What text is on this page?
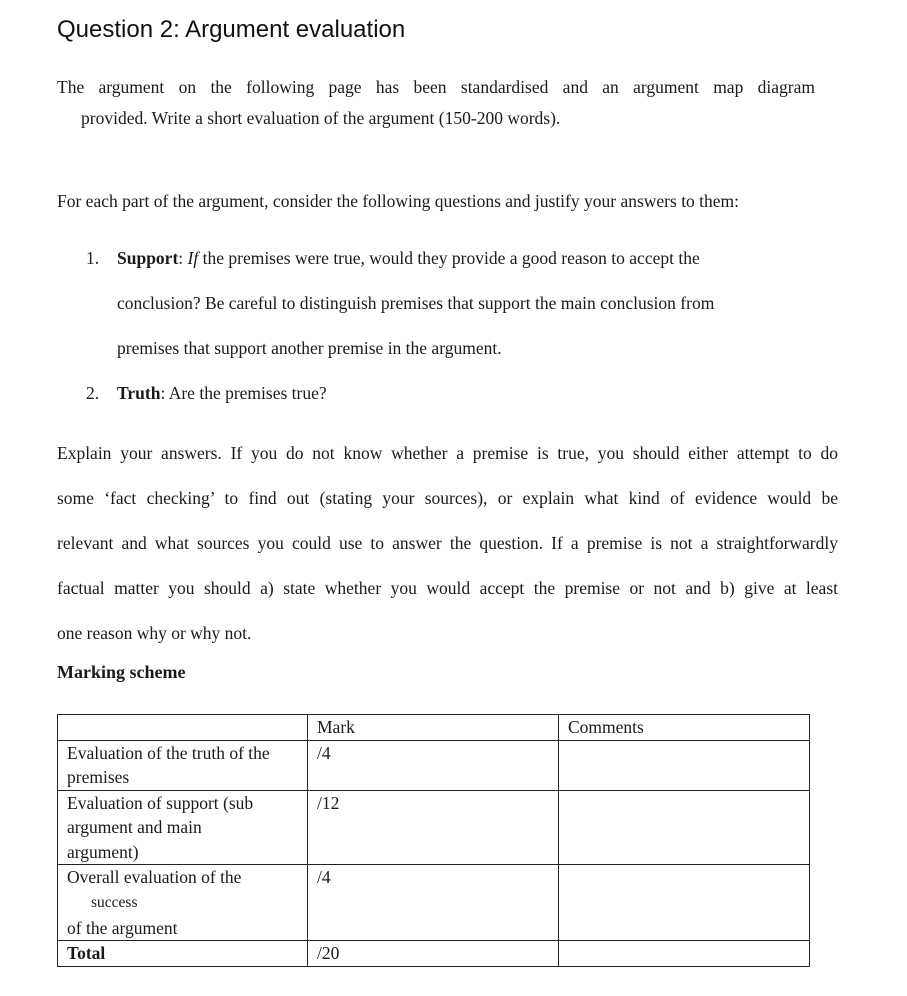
Question 2: Argument evaluation

The argument on the following page has been standardised and an argument map diagram
provided. Write a short evaluation of the argument (150-200 words).

For each part of the argument, consider the following questions and justify your answers to them:

1. Support: If the premises were true, would they provide a good reason to accept the
conclusion? Be careful to distinguish premises that support the main conclusion from
premises that support another premise in the argument.
2. Truth: Are the premises true?

Explain your answers. If you do not know whether a premise is true, you should either attempt to do
some ‘fact checking’ to find out (stating your sources), or explain what kind of evidence would be
relevant and what sources you could use to answer the question. If a premise is not a straightforwardly
factual matter you should a) state whether you would accept the premise or not and b) give at least
one reason why or why not.

Marking scheme
	Mark	Comments

Evaluation of the truth of the
premises	/4	

Evaluation of support (sub
argument and main
argument)	/12	

Overall evaluation of the
success
of the argument	/4	
Total	/20	
